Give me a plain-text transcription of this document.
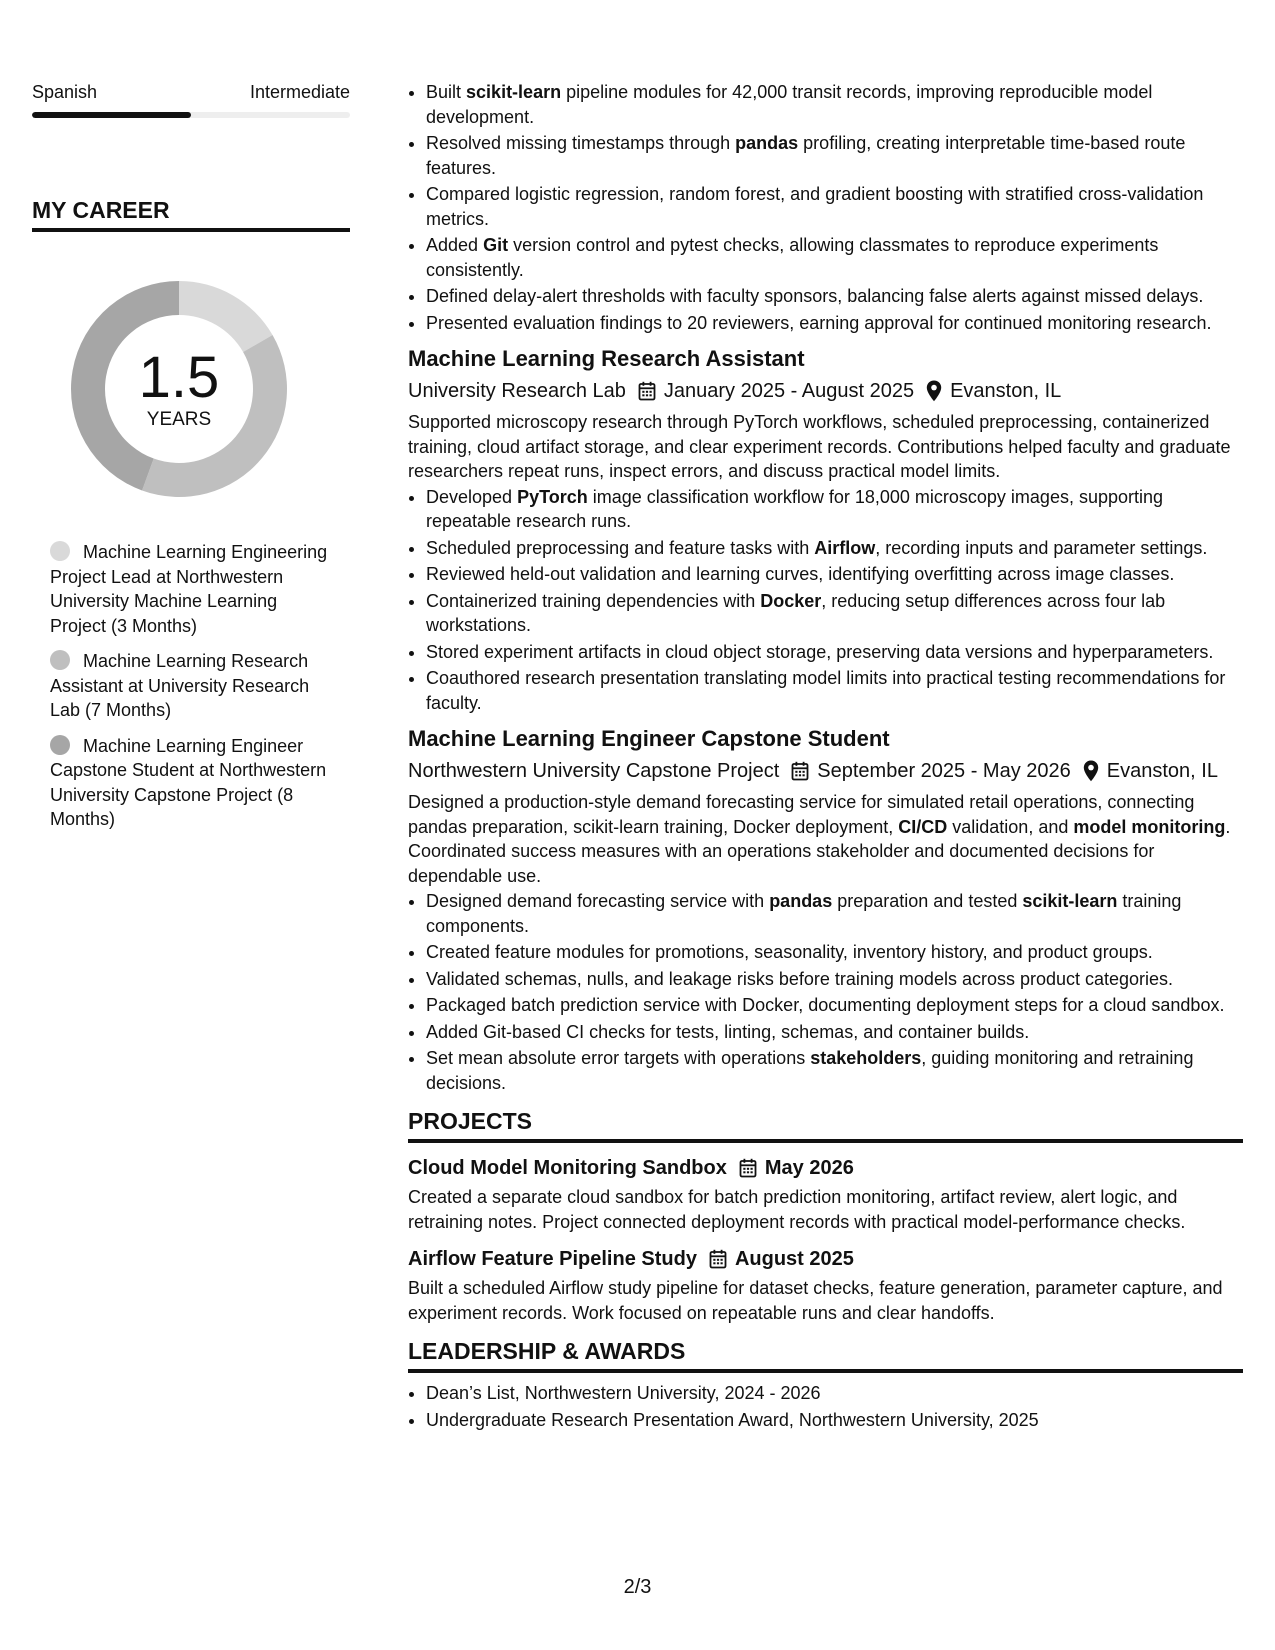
Spanish	Intermediate
MY CAREER
1.5
YEARS
Machine Learning Engineering Project Lead at Northwestern University Machine Learning Project (3 Months)
Machine Learning Research Assistant at University Research Lab (7 Months)
Machine Learning Engineer Capstone Student at Northwestern University Capstone Project (8 Months)
• Built scikit-learn pipeline modules for 42,000 transit records, improving reproducible model development.
• Resolved missing timestamps through pandas profiling, creating interpretable time-based route features.
• Compared logistic regression, random forest, and gradient boosting with stratified cross-validation metrics.
• Added Git version control and pytest checks, allowing classmates to reproduce experiments consistently.
• Defined delay-alert thresholds with faculty sponsors, balancing false alerts against missed delays.
• Presented evaluation findings to 20 reviewers, earning approval for continued monitoring research.
Machine Learning Research Assistant
University Research Lab January 2025 - August 2025 Evanston, IL

Supported microscopy research through PyTorch workflows, scheduled preprocessing, containerized training, cloud artifact storage, and clear experiment records. Contributions helped faculty and graduate researchers repeat runs, inspect errors, and discuss practical model limits.

• Developed PyTorch image classification workflow for 18,000 microscopy images, supporting repeatable research runs.
• Scheduled preprocessing and feature tasks with Airflow, recording inputs and parameter settings.
• Reviewed held-out validation and learning curves, identifying overfitting across image classes.
• Containerized training dependencies with Docker, reducing setup differences across four lab workstations.
• Stored experiment artifacts in cloud object storage, preserving data versions and hyperparameters.
• Coauthored research presentation translating model limits into practical testing recommendations for faculty.
Machine Learning Engineer Capstone Student
Northwestern University Capstone Project September 2025 - May 2026 Evanston, IL

Designed a production-style demand forecasting service for simulated retail operations, connecting pandas preparation, scikit-learn training, Docker deployment, CI/CD validation, and model monitoring. Coordinated success measures with an operations stakeholder and documented decisions for dependable use.

• Designed demand forecasting service with pandas preparation and tested scikit-learn training components.
• Created feature modules for promotions, seasonality, inventory history, and product groups.
• Validated schemas, nulls, and leakage risks before training models across product categories.
• Packaged batch prediction service with Docker, documenting deployment steps for a cloud sandbox.
• Added Git-based CI checks for tests, linting, schemas, and container builds.
• Set mean absolute error targets with operations stakeholders, guiding monitoring and retraining decisions.
PROJECTS
Cloud Model Monitoring Sandbox May 2026

Created a separate cloud sandbox for batch prediction monitoring, artifact review, alert logic, and retraining notes. Project connected deployment records with practical model-performance checks.

Airflow Feature Pipeline Study August 2025

Built a scheduled Airflow study pipeline for dataset checks, feature generation, parameter capture, and experiment records. Work focused on repeatable runs and clear handoffs.

LEADERSHIP & AWARDS
• Dean’s List, Northwestern University, 2024 - 2026
• Undergraduate Research Presentation Award, Northwestern University, 2025
2/3
